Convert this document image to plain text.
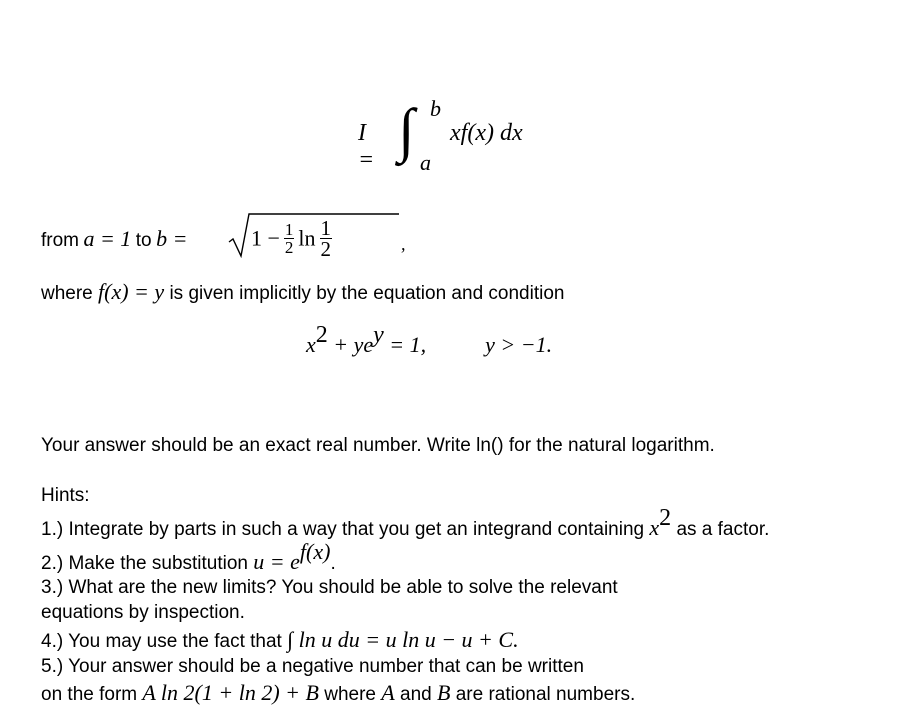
I = ∫ b
a
xf(x) dx
from a = 1 to b =	$1 - \frac{1}{2}$ $\ln \frac{1}{2}$	,
where f(x) = y is given implicitly by the equation and condition
$x^2 + ye^y = 1$,	y > −1.
Your answer should be an exact real number. Write ln() for the natural logarithm.
Hints:
1.) Integrate by parts in such a way that you get an integrand containing $x^2$ as a factor.
2.) Make the substitution $u = e^{f(x)}$.
3.) What are the new limits? You should be able to solve the relevant
equations by inspection.
4.) You may use the fact that ∫ ln u du = u ln u − u + C.
5.) Your answer should be a negative number that can be written
on the form A ln 2(1 + ln 2) + B where A and B are rational numbers.
